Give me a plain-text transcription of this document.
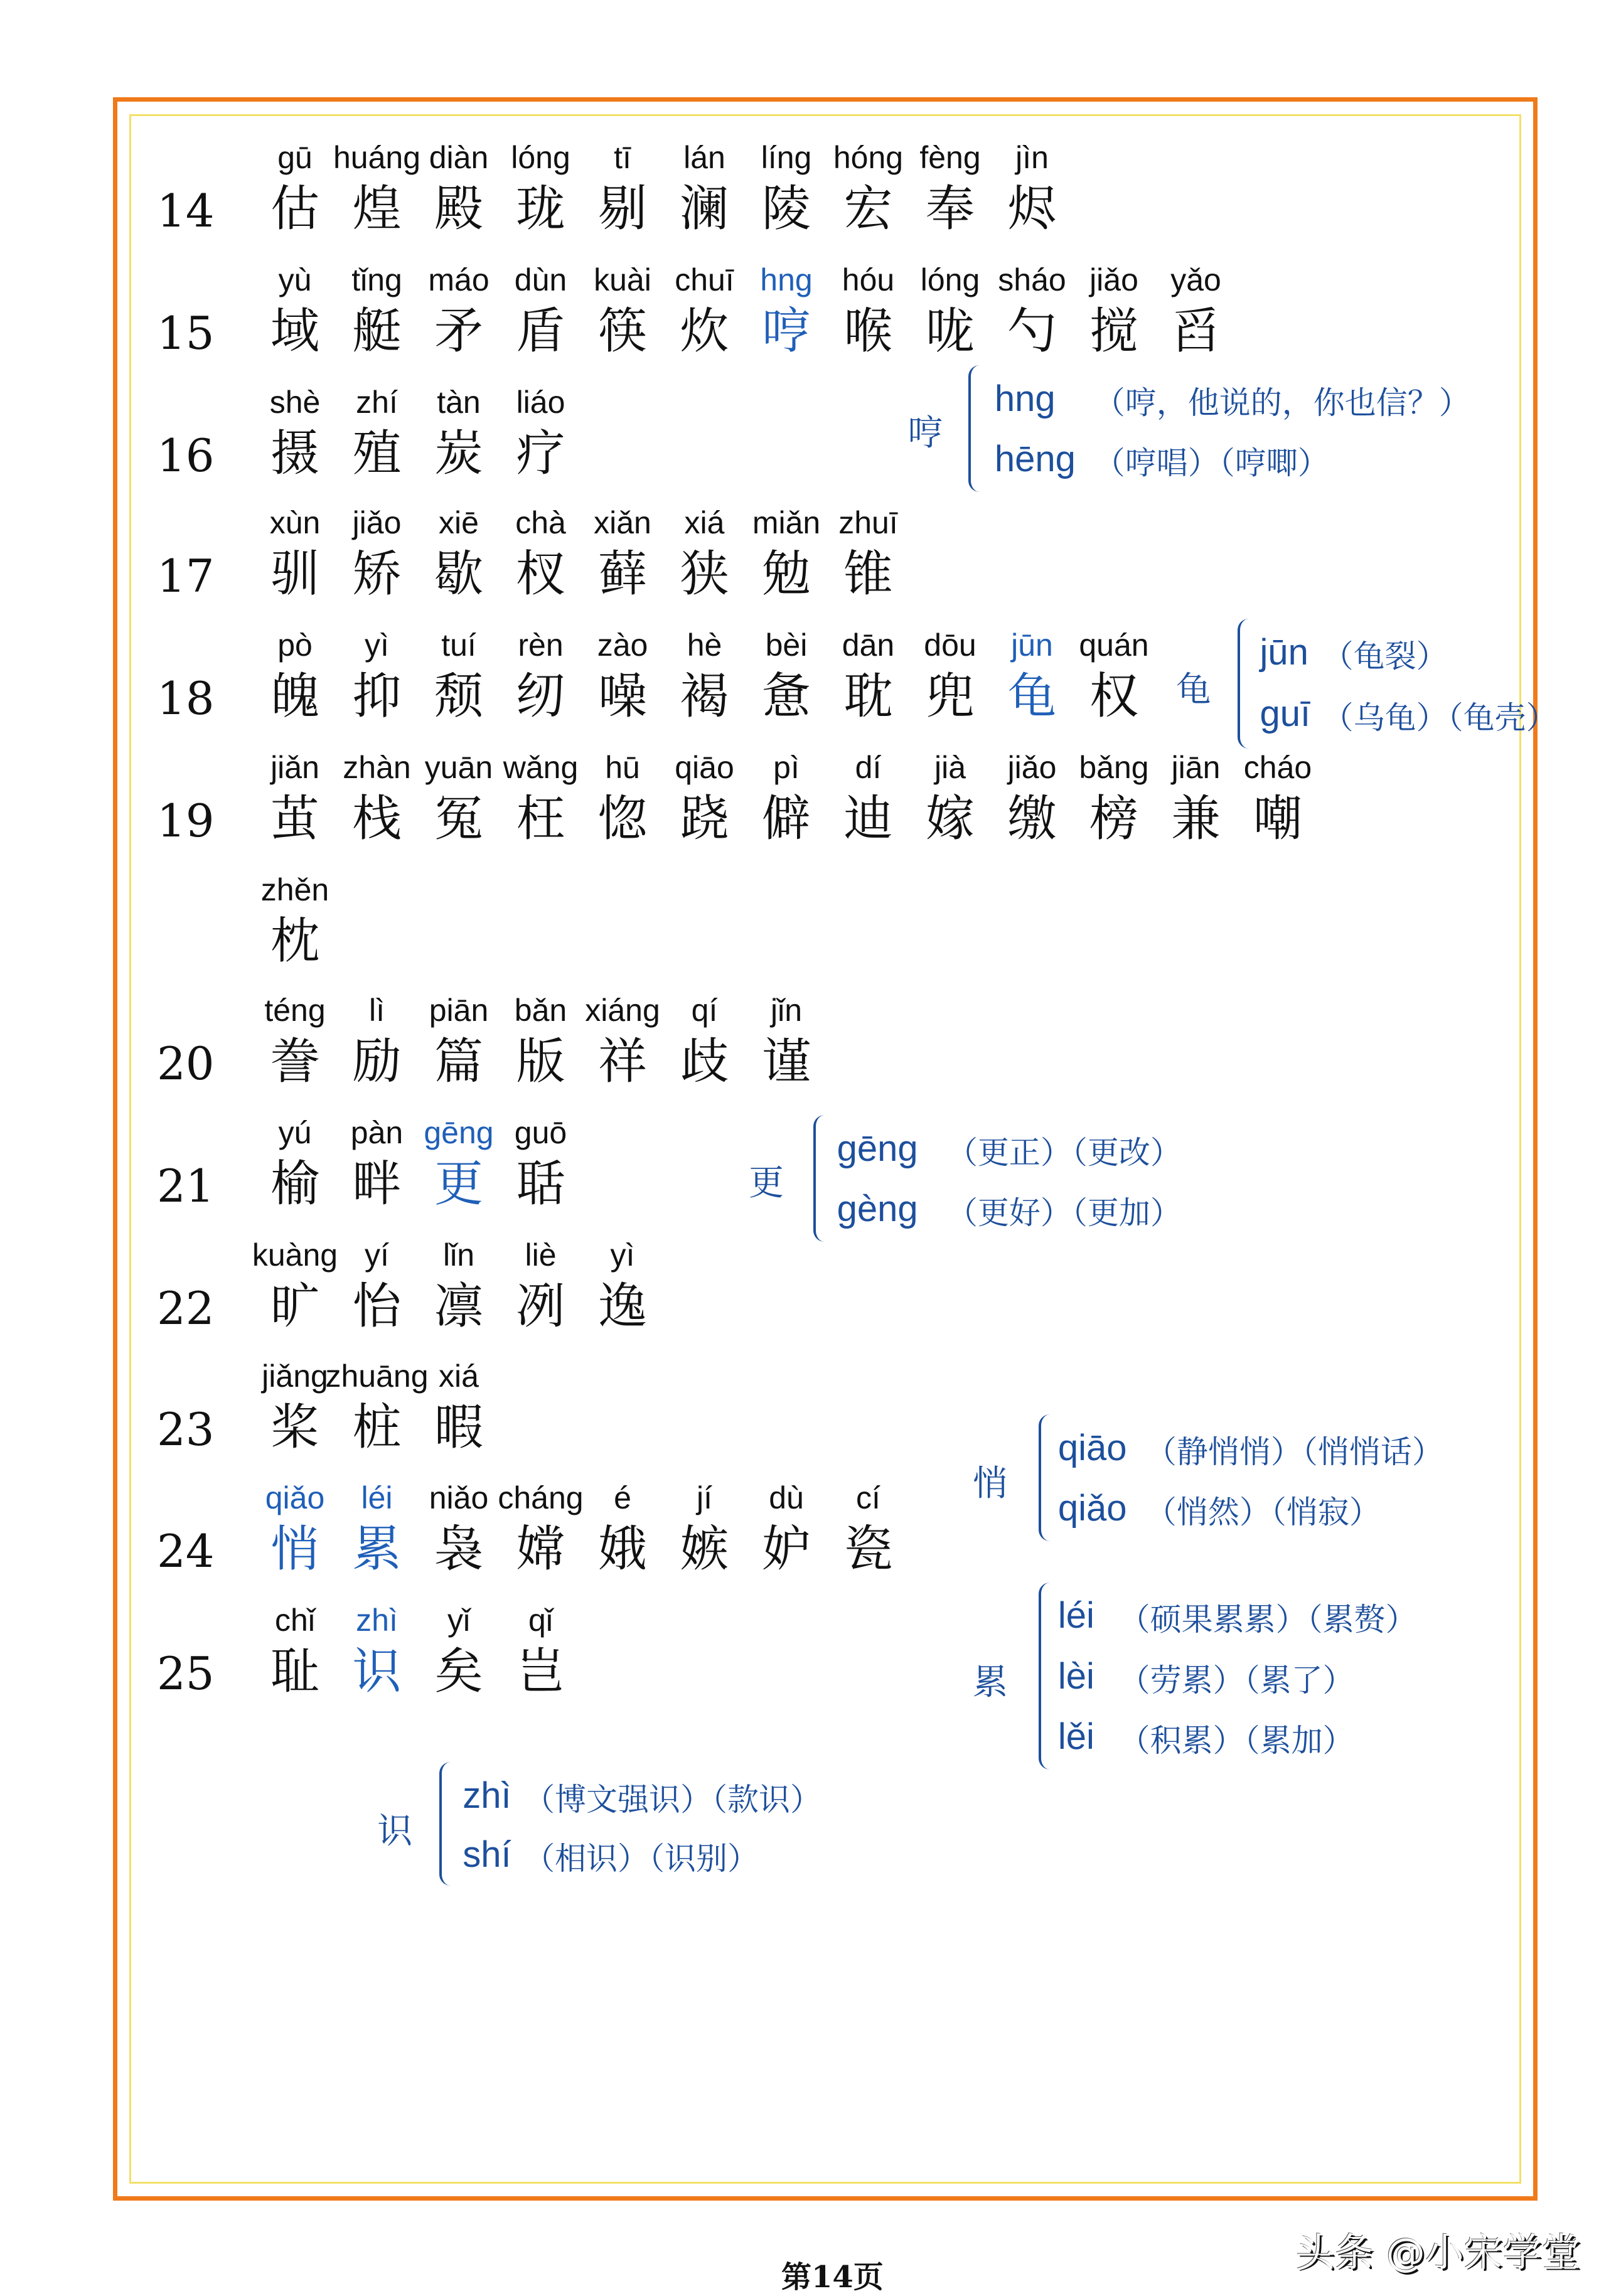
14
gū
估
huáng
煌
diàn
殿
lóng
珑
tī
剔
lán
澜
líng
陵
hóng
宏
fèng
奉
jìn
烬
15
yù
域
tǐng
艇
máo
矛
dùn
盾
kuài
筷
chuī
炊
hng
哼
hóu
喉
lóng
咙
sháo
勺
jiǎo
搅
yǎo
舀
16
shè
摄
zhí
殖
tàn
炭
liáo
疗
17
xùn
驯
jiǎo
矫
xiē
歇
chà
杈
xiǎn
藓
xiá
狭
miǎn
勉
zhuī
锥
18
pò
魄
yì
抑
tuí
颓
rèn
纫
zào
噪
hè
褐
bèi
惫
dān
耽
dōu
兜
jūn
龟
quán
权
19
jiǎn
茧
zhàn
栈
yuān
冤
wǎng
枉
hū
惚
qiāo
跷
pì
僻
dí
迪
jià
嫁
jiǎo
缴
bǎng
榜
jiān
兼
cháo
嘲
zhěn
枕
20
téng
誊
lì
励
piān
篇
bǎn
版
xiáng
祥
qí
歧
jǐn
谨
21
yú
榆
pàn
畔
gēng
更
guō
聒
22
kuàng
旷
yí
怡
lǐn
凛
liè
冽
yì
逸
23
jiǎng
桨
zhuāng
桩
xiá
暇
24
qiǎo
悄
léi
累
niǎo
袅
cháng
嫦
é
娥
jí
嫉
dù
妒
cí
瓷
25
chǐ
耻
zhì
识
yǐ
矣
qǐ
岂
哼
hng （哼，他说的，你也信？）
hēng （哼唱）（哼唧）
龟
jūn （龟裂）
guī （乌龟）（龟壳）
更
gēng （更正）（更改）
gèng （更好）（更加）
悄
qiāo （静悄悄）（悄悄话）
qiǎo （悄然）（悄寂）
累
léi （硕果累累）（累赘）
lèi （劳累）（累了）
lěi （积累）（累加）
识
zhì （博文强识）（款识）
shí （相识）（识别）
第14页
头条 @小宋学堂
